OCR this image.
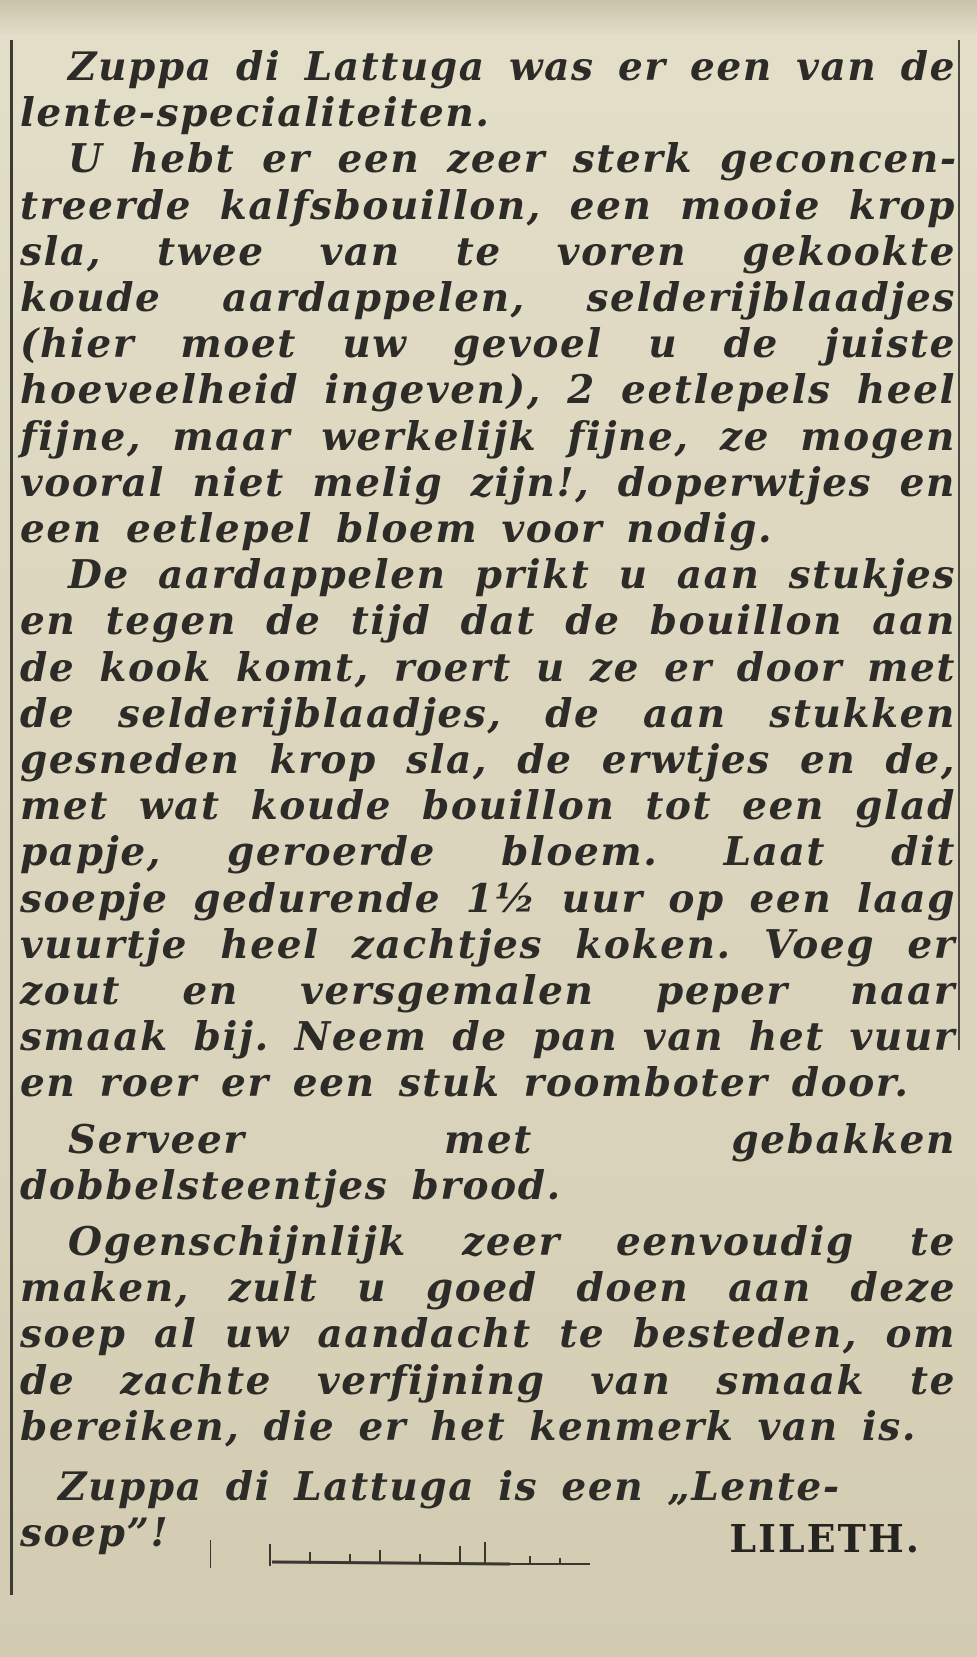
Zuppa di Lattuga was er een van de lente-specialiteiten.

U hebt er een zeer sterk geconcentreerde kalfsbouillon, een mooie krop sla, twee van te voren gekookte koude aardappelen, selderijblaadjes (hier moet uw gevoel u de juiste hoeveelheid ingeven), 2 eetlepels heel fijne, maar werkelijk fijne, ze mogen vooral niet melig zijn!, doperwtjes en een eetlepel bloem voor nodig.

De aardappelen prikt u aan stukjes en tegen de tijd dat de bouillon aan de kook komt, roert u ze er door met de selderijblaadjes, de aan stukken gesneden krop sla, de erwtjes en de, met wat koude bouillon tot een glad papje, geroerde bloem. Laat dit soepje gedurende 1½ uur op een laag vuurtje heel zachtjes koken. Voeg er zout en versgemalen peper naar smaak bij. Neem de pan van het vuur en roer er een stuk roomboter door.

Serveer met gebakken dobbelsteentjes brood.

Ogenschijnlijk zeer eenvoudig te maken, zult u goed doen aan deze soep al uw aandacht te besteden, om de zachte verfijning van smaak te bereiken, die er het kenmerk van is.

Zuppa di Lattuga is een „Lente-soep”!	LILETH.
